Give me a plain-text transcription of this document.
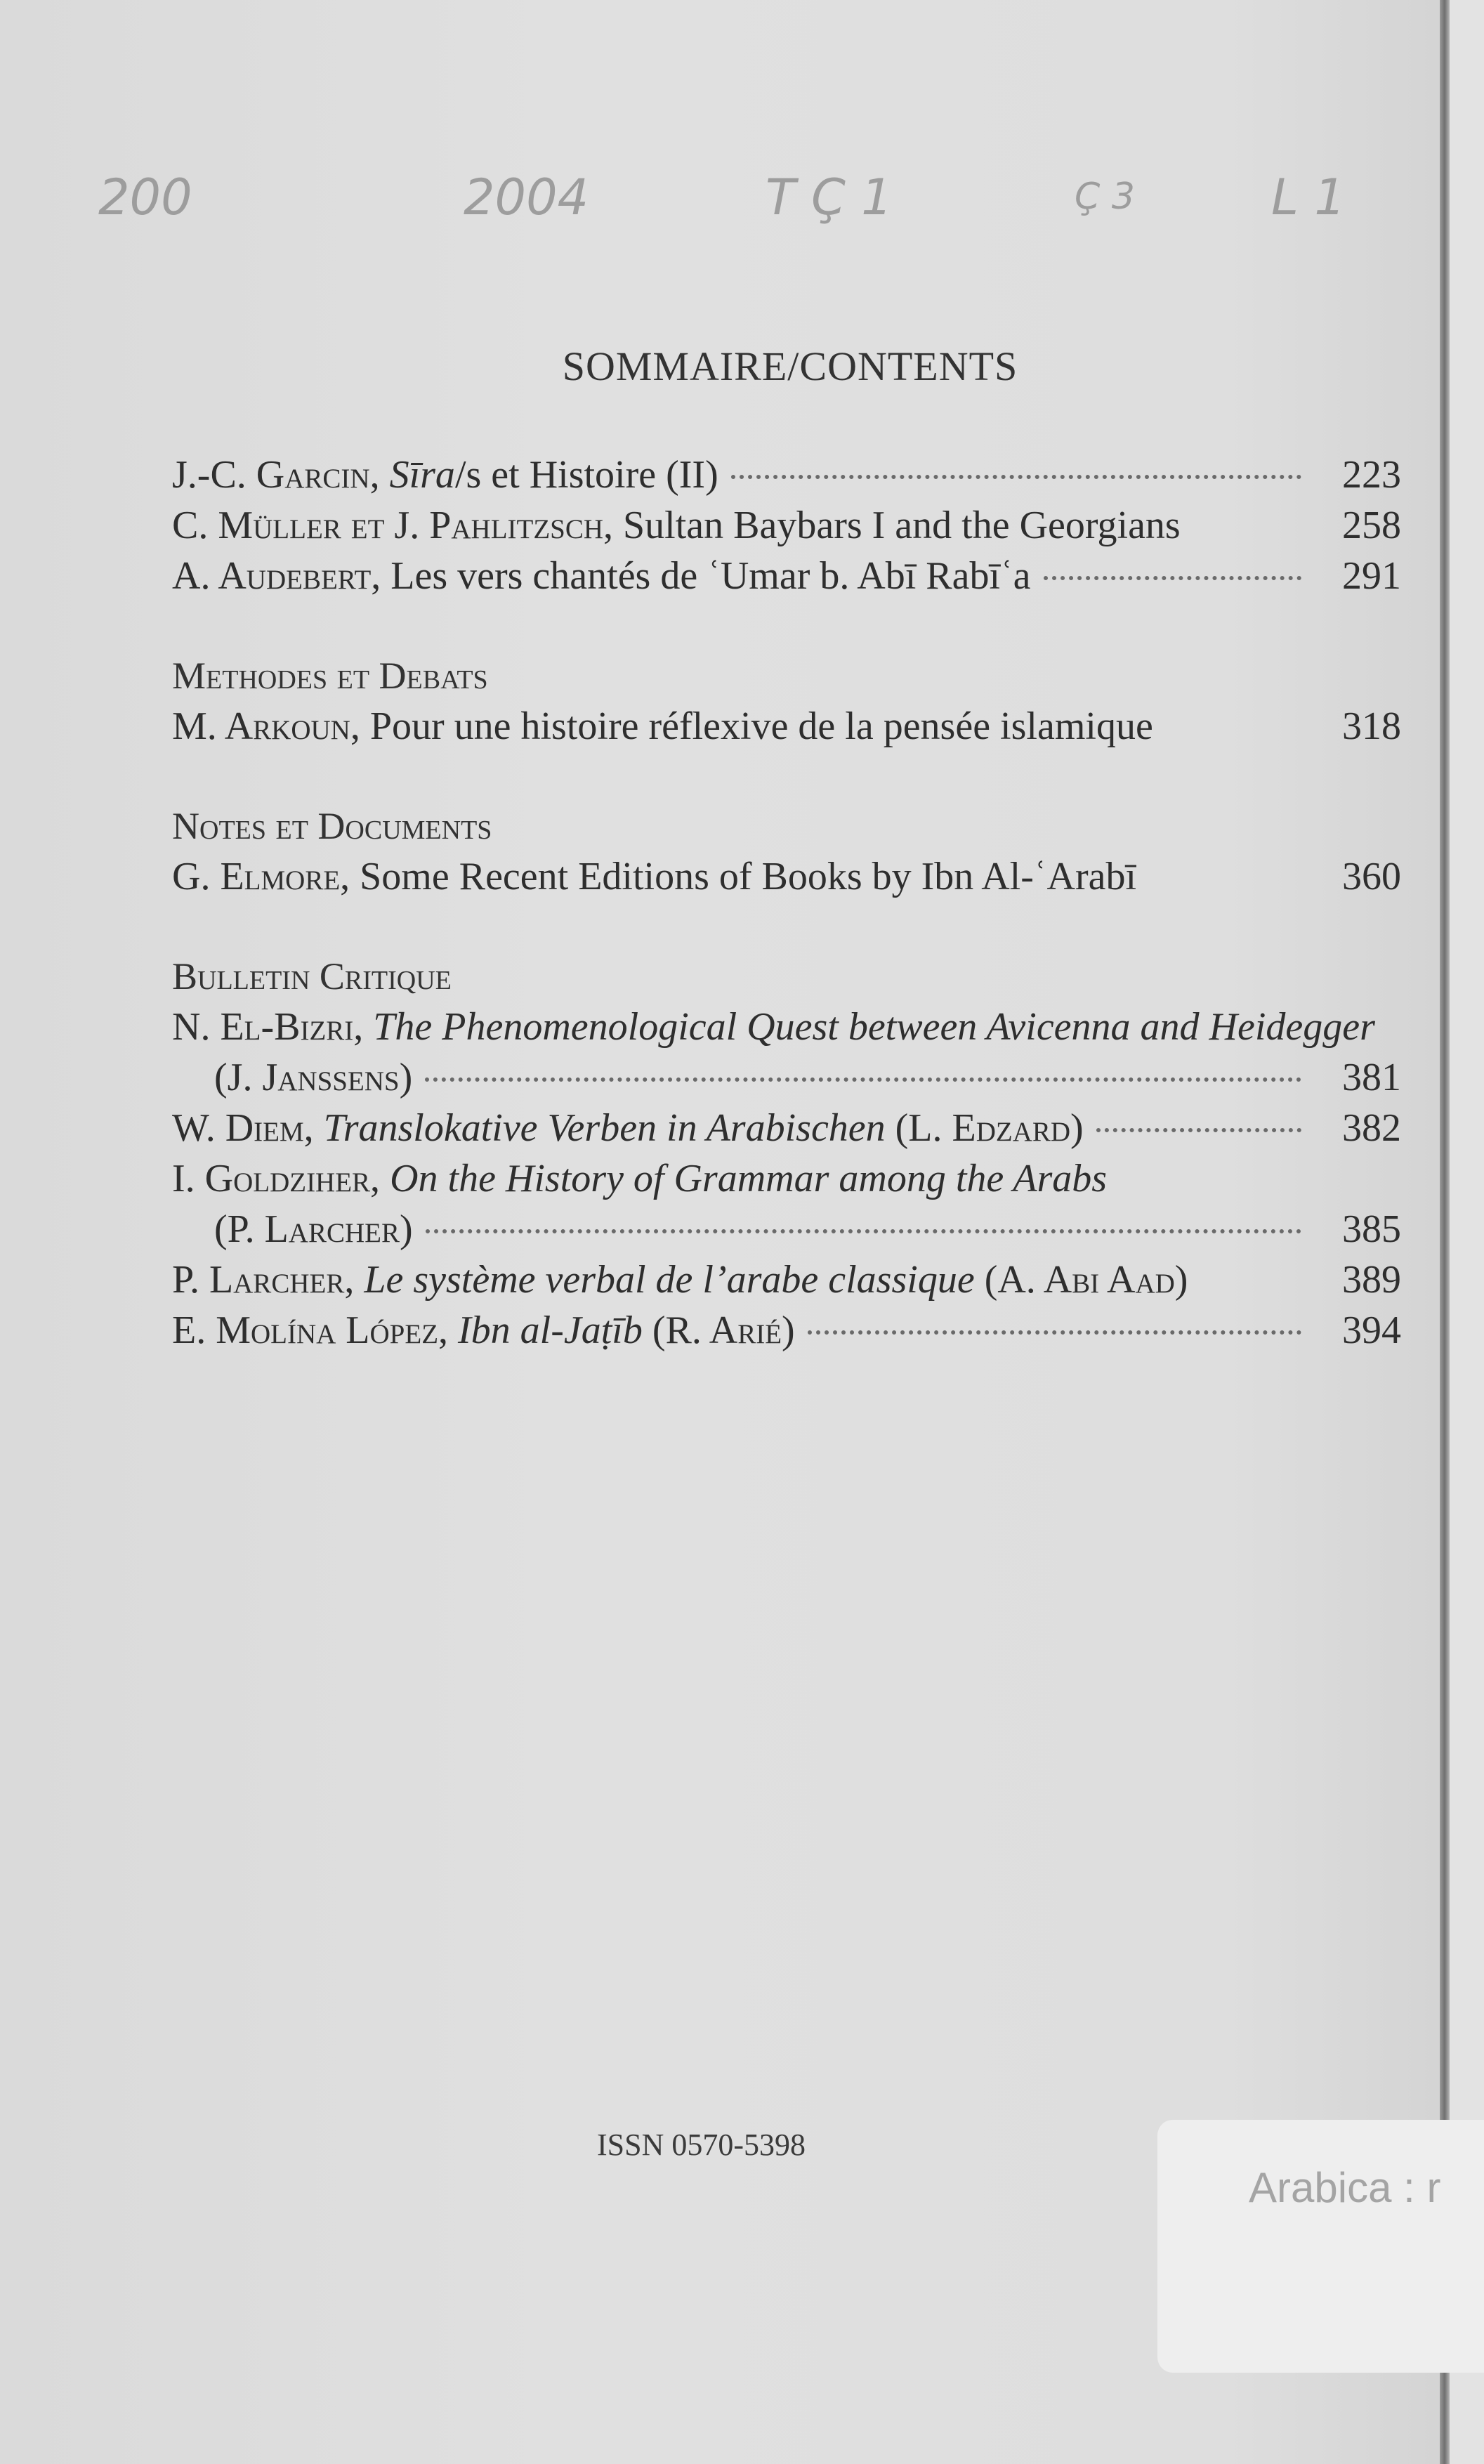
200	2004	T Ç 1	Ç 3	L 1
SOMMAIRE/CONTENTS
J.-C. Garcin, Sīra/s et Histoire (II)	223
C. Müller et J. Pahlitzsch, Sultan Baybars I and the Georgians	258
A. Audebert, Les vers chantés de ʿUmar b. Abī Rabīʿa	291
Methodes et Debats
M. Arkoun, Pour une histoire réflexive de la pensée islamique	318
Notes et Documents
G. Elmore, Some Recent Editions of Books by Ibn Al-ʿArabī	360
Bulletin Critique
N. El-Bizri, The Phenomenological Quest between Avicenna and Heidegger
(J. Janssens)	381
W. Diem, Translokative Verben in Arabischen (L. Edzard)	382
I. Goldziher, On the History of Grammar among the Arabs
(P. Larcher)	385
P. Larcher, Le système verbal de l’arabe classique (A. Abi Aad)	389
E. Molína López, Ibn al-Jaṭīb (R. Arié)	394
ISSN 0570-5398
Arabica : r
